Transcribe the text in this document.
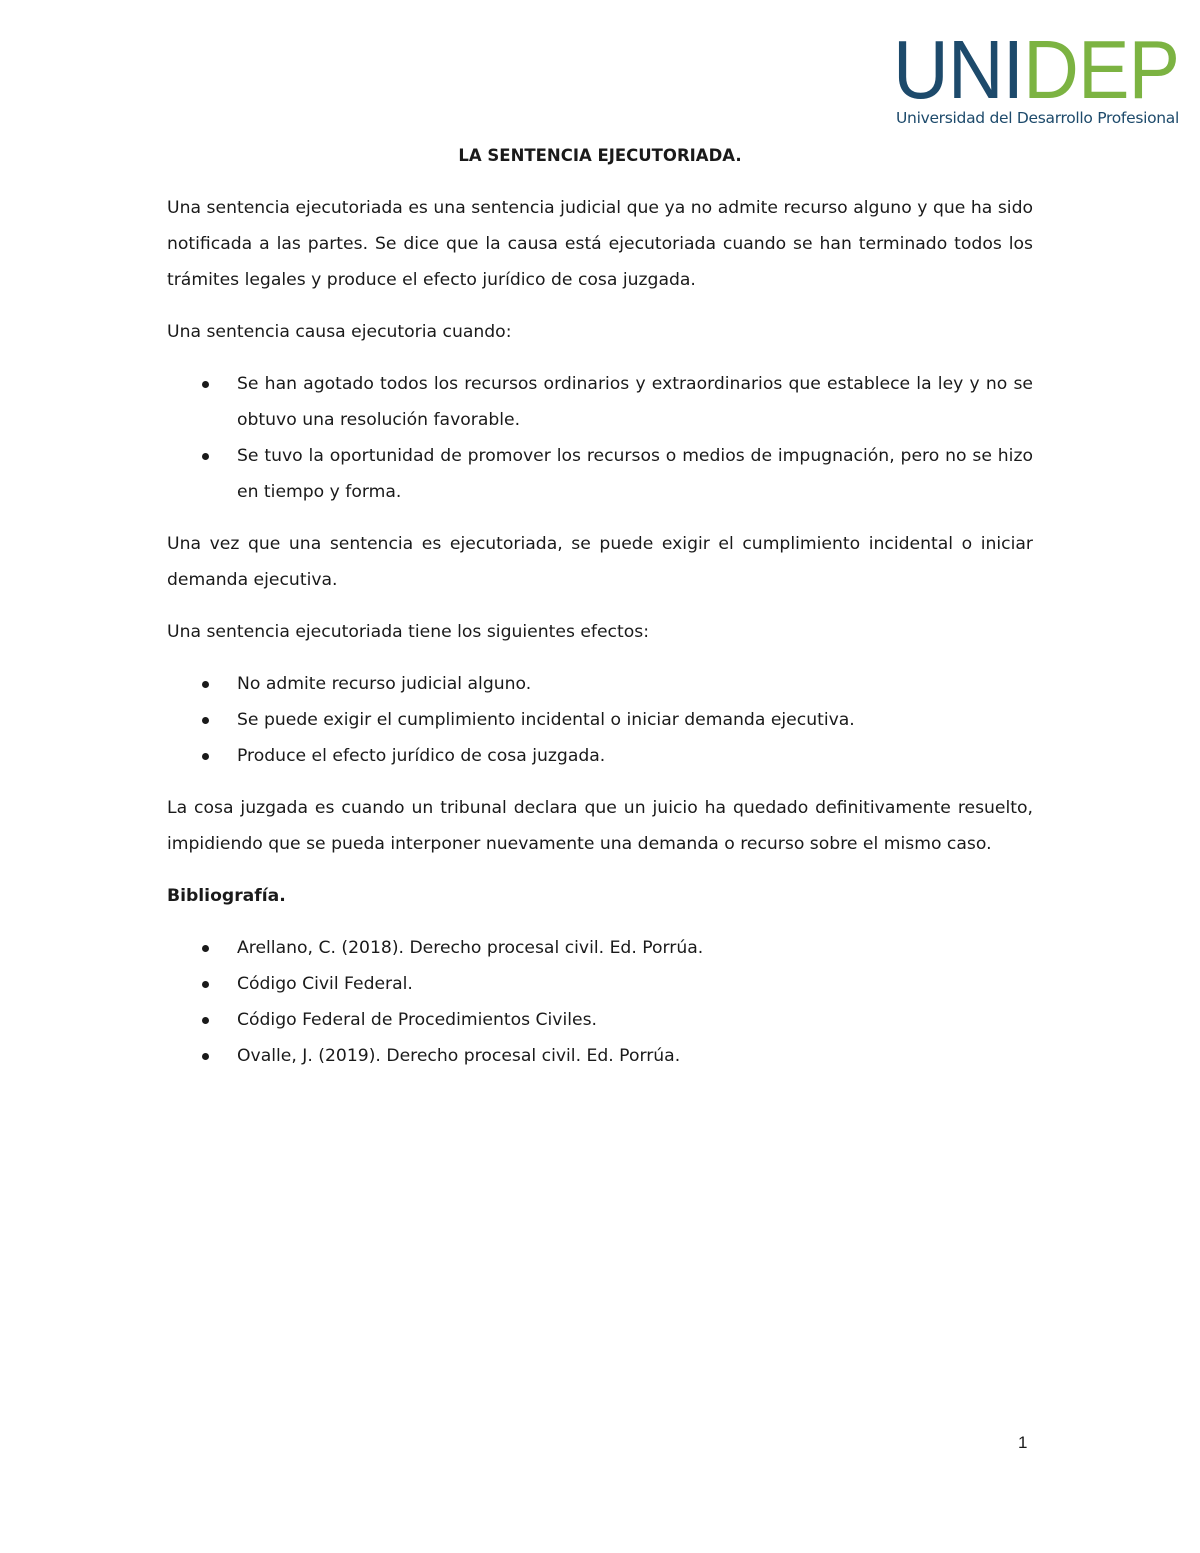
UNIDEP
Universidad del Desarrollo Profesional
LA SENTENCIA EJECUTORIADA.

Una sentencia ejecutoriada es una sentencia judicial que ya no admite recurso alguno y que ha sido notificada a las partes. Se dice que la causa está ejecutoriada cuando se han terminado todos los trámites legales y produce el efecto jurídico de cosa juzgada.

Una sentencia causa ejecutoria cuando:

Se han agotado todos los recursos ordinarios y extraordinarios que establece la ley y no se obtuvo una resolución favorable.
Se tuvo la oportunidad de promover los recursos o medios de impugnación, pero no se hizo en tiempo y forma.

Una vez que una sentencia es ejecutoriada, se puede exigir el cumplimiento incidental o iniciar demanda ejecutiva.

Una sentencia ejecutoriada tiene los siguientes efectos:

No admite recurso judicial alguno.
Se puede exigir el cumplimiento incidental o iniciar demanda ejecutiva.
Produce el efecto jurídico de cosa juzgada.

La cosa juzgada es cuando un tribunal declara que un juicio ha quedado definitivamente resuelto, impidiendo que se pueda interponer nuevamente una demanda o recurso sobre el mismo caso.

Bibliografía.

Arellano, C. (2018). Derecho procesal civil. Ed. Porrúa.
Código Civil Federal.
Código Federal de Procedimientos Civiles.
Ovalle, J. (2019). Derecho procesal civil. Ed. Porrúa.
1
